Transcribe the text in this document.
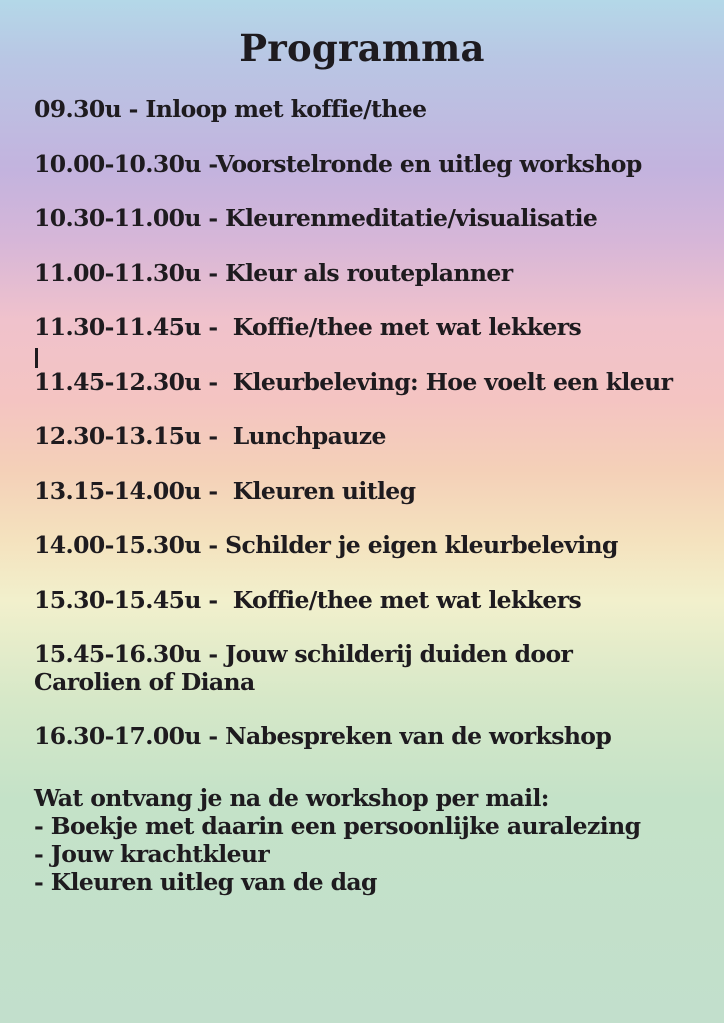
Programma
09.30u - Inloop met koffie/thee
10.00-10.30u -Voorstelronde en uitleg workshop
10.30-11.00u - Kleurenmeditatie/visualisatie
11.00-11.30u - Kleur als routeplanner
11.30-11.45u -  Koffie/thee met wat lekkers
11.45-12.30u -  Kleurbeleving: Hoe voelt een kleur
12.30-13.15u -  Lunchpauze
13.15-14.00u -  Kleuren uitleg
14.00-15.30u - Schilder je eigen kleurbeleving
15.30-15.45u -  Koffie/thee met wat lekkers
15.45-16.30u - Jouw schilderij duiden door
Carolien of Diana
16.30-17.00u - Nabespreken van de workshop

Wat ontvang je na de workshop per mail:

- Boekje met daarin een persoonlijke auralezing
- Jouw krachtkleur
- Kleuren uitleg van de dag
